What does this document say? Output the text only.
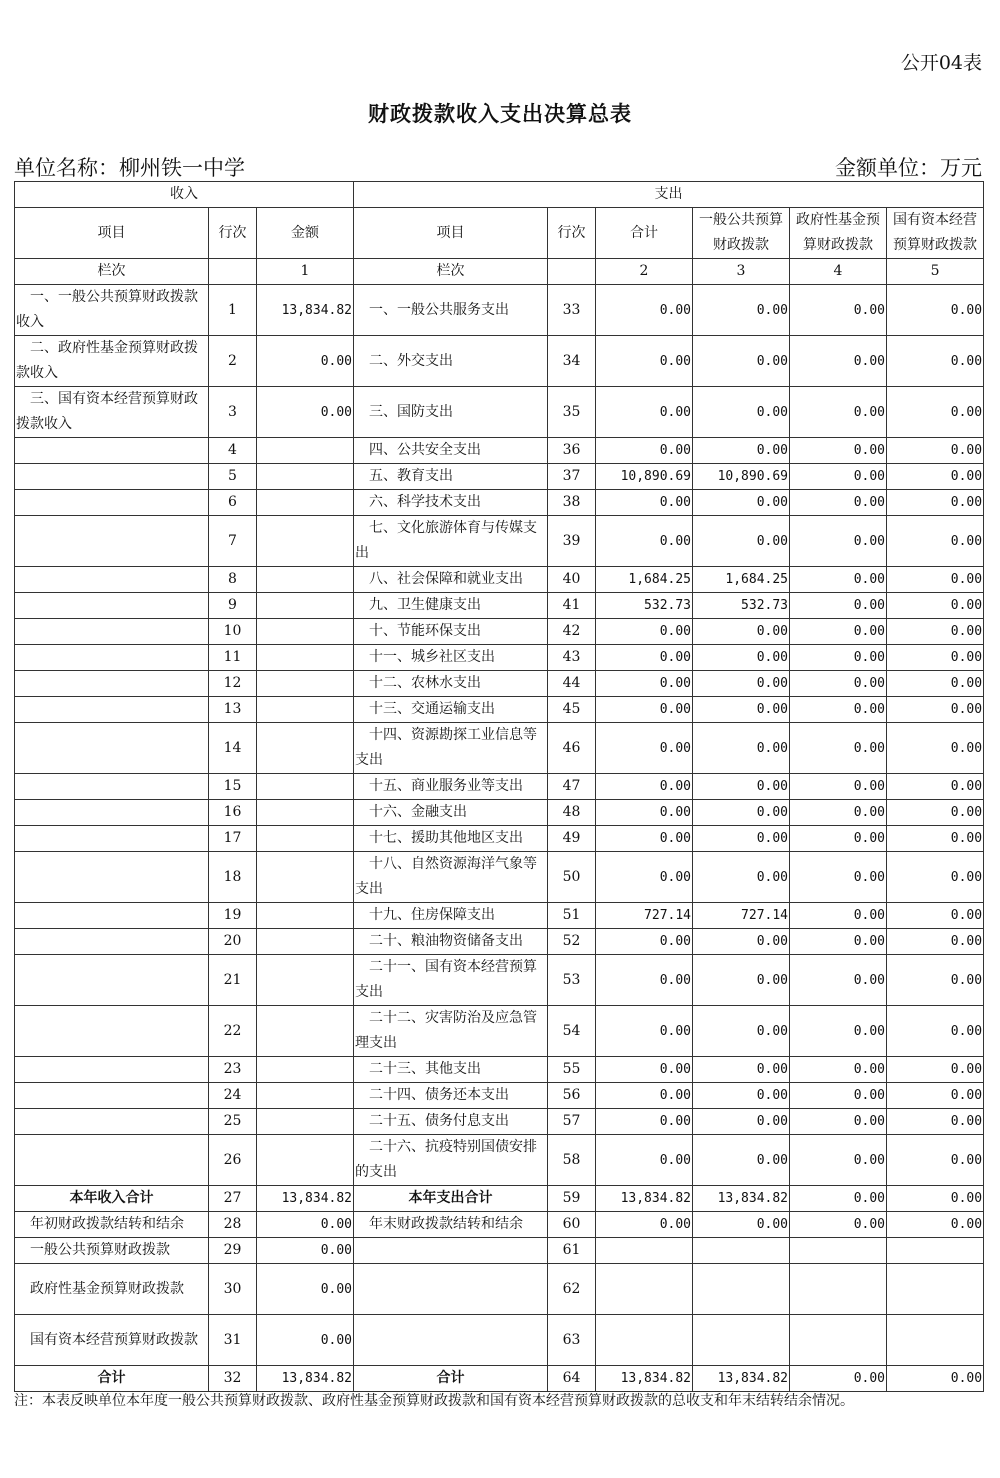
公开04表
财政拨款收入支出决算总表
单位名称：柳州铁一中学	金额单位：万元
收入			支出					
项目	行次	金额	项目	行次	合计	一般公共预算财政拨款	政府性基金预算财政拨款	国有资本经营预算财政拨款
栏次		1	栏次		2	3	4	5
一、一般公共预算财政拨款收入	1	13,834.82	一、一般公共服务支出	33	0.00	0.00	0.00	0.00
二、政府性基金预算财政拨款收入	2	0.00	二、外交支出	34	0.00	0.00	0.00	0.00
三、国有资本经营预算财政拨款收入	3	0.00	三、国防支出	35	0.00	0.00	0.00	0.00
	4		四、公共安全支出	36	0.00	0.00	0.00	0.00
	5		五、教育支出	37	10,890.69	10,890.69	0.00	0.00
	6		六、科学技术支出	38	0.00	0.00	0.00	0.00
	7		七、文化旅游体育与传媒支出	39	0.00	0.00	0.00	0.00
	8		八、社会保障和就业支出	40	1,684.25	1,684.25	0.00	0.00
	9		九、卫生健康支出	41	532.73	532.73	0.00	0.00
	10		十、节能环保支出	42	0.00	0.00	0.00	0.00
	11		十一、城乡社区支出	43	0.00	0.00	0.00	0.00
	12		十二、农林水支出	44	0.00	0.00	0.00	0.00
	13		十三、交通运输支出	45	0.00	0.00	0.00	0.00
	14		十四、资源勘探工业信息等支出	46	0.00	0.00	0.00	0.00
	15		十五、商业服务业等支出	47	0.00	0.00	0.00	0.00
	16		十六、金融支出	48	0.00	0.00	0.00	0.00
	17		十七、援助其他地区支出	49	0.00	0.00	0.00	0.00
	18		十八、自然资源海洋气象等支出	50	0.00	0.00	0.00	0.00
	19		十九、住房保障支出	51	727.14	727.14	0.00	0.00
	20		二十、粮油物资储备支出	52	0.00	0.00	0.00	0.00
	21		二十一、国有资本经营预算支出	53	0.00	0.00	0.00	0.00
	22		二十二、灾害防治及应急管理支出	54	0.00	0.00	0.00	0.00
	23		二十三、其他支出	55	0.00	0.00	0.00	0.00
	24		二十四、债务还本支出	56	0.00	0.00	0.00	0.00
	25		二十五、债务付息支出	57	0.00	0.00	0.00	0.00
	26		二十六、抗疫特别国债安排的支出	58	0.00	0.00	0.00	0.00
本年收入合计	27	13,834.82	本年支出合计	59	13,834.82	13,834.82	0.00	0.00
年初财政拨款结转和结余	28	0.00	年末财政拨款结转和结余	60	0.00	0.00	0.00	0.00
一般公共预算财政拨款	29	0.00		61				
政府性基金预算财政拨款	30	0.00		62				
国有资本经营预算财政拨款	31	0.00		63				
合计	32	13,834.82	合计	64	13,834.82	13,834.82	0.00	0.00
注：本表反映单位本年度一般公共预算财政拨款、政府性基金预算财政拨款和国有资本经营预算财政拨款的总收支和年末结转结余情况。
